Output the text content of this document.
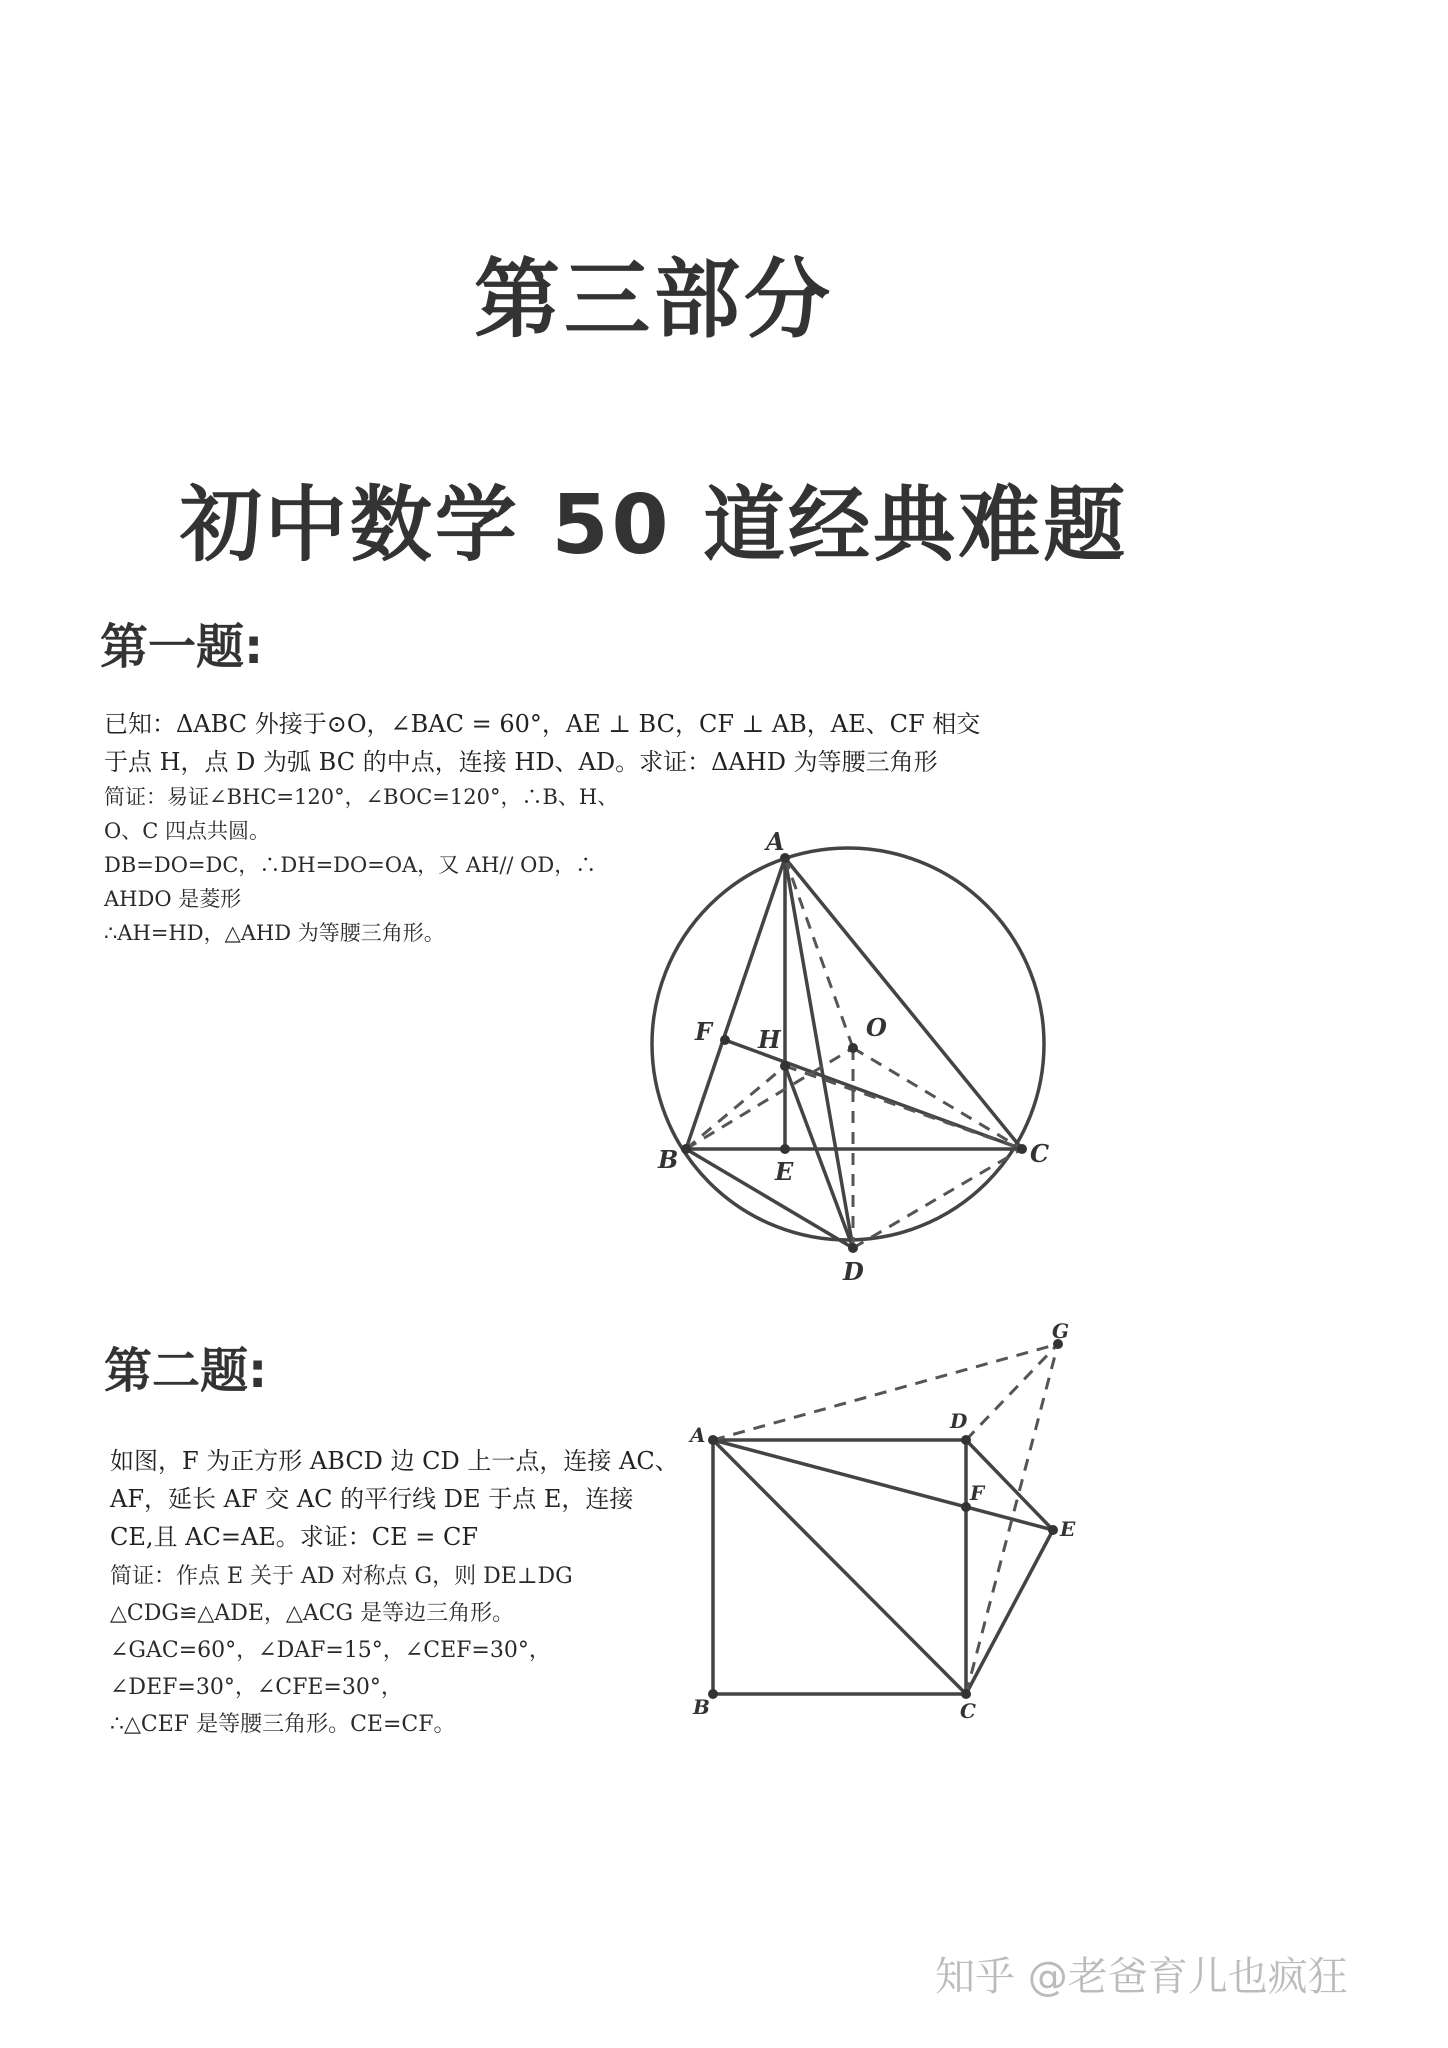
第三部分
初中数学 50 道经典难题
第一题:
已知：ΔABC 外接于⊙O，∠BAC = 60°，AE ⊥ BC，CF ⊥ AB，AE、CF 相交
于点 H，点 D 为弧 BC 的中点，连接 HD、AD。求证：ΔAHD 为等腰三角形
简证：易证∠BHC=120°，∠BOC=120°，∴B、H、
O、C 四点共圆。
DB=DO=DC，∴DH=DO=OA，又 AH// OD，∴
AHDO 是菱形
∴AH=HD，△AHD 为等腰三角形。
A
B	C
D
E
F H	O
A
B	C
D
E
F
G
第二题:
如图，F 为正方形 ABCD 边 CD 上一点，连接 AC、
AF，延长 AF 交 AC 的平行线 DE 于点 E，连接
CE,且 AC=AE。求证：CE = CF
简证：作点 E 关于 AD 对称点 G，则 DE⊥DG
△CDG≌△ADE，△ACG 是等边三角形。
∠GAC=60°，∠DAF=15°，∠CEF=30°，
∠DEF=30°，∠CFE=30°，
∴△CEF 是等腰三角形。CE=CF。
知乎 @老爸育儿也疯狂
